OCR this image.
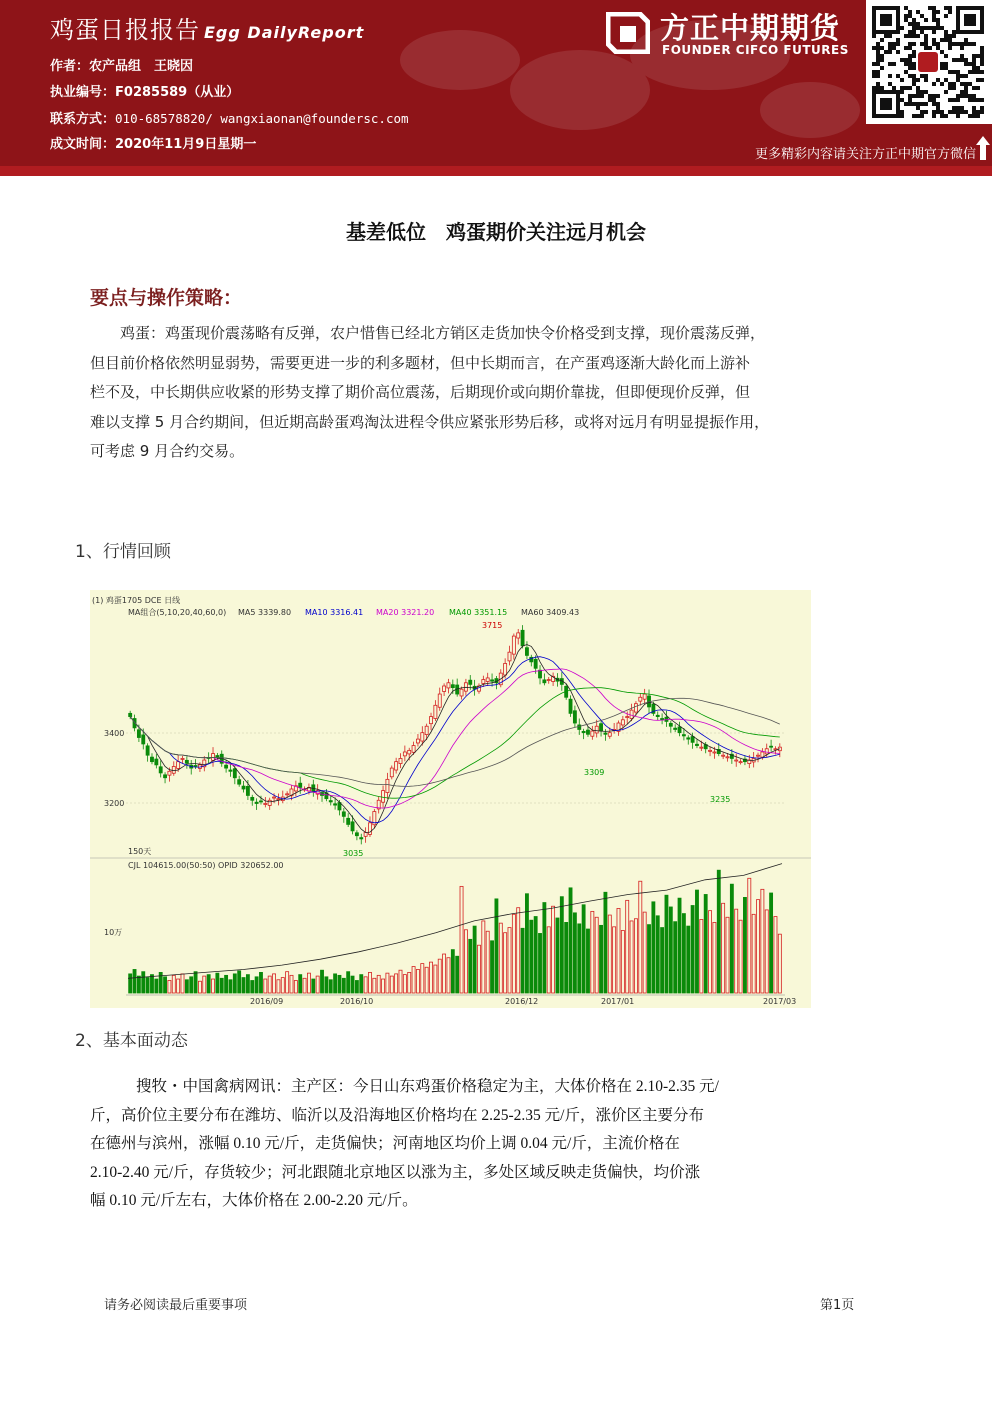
鸡蛋日报报告 Egg DailyReport
作者：农产品组　王晓因
执业编号：F0285589（从业）
联系方式：010-68578820/ wangxiaonan@foundersc.com
成文时间：2020年11月9日星期一
方正中期期货
FOUNDER CIFCO FUTURES
更多精彩内容请关注方正中期官方微信
基差低位　鸡蛋期价关注远月机会
要点与操作策略：
鸡蛋：鸡蛋现价震荡略有反弹，农户惜售已经北方销区走货加快令价格受到支撑，现价震荡反弹，
但目前价格依然明显弱势，需要更进一步的利多题材，但中长期而言，在产蛋鸡逐渐大龄化而上游补
栏不及，中长期供应收紧的形势支撑了期价高位震荡，后期现价或向期价靠拢，但即便现价反弹，但
难以支撑 5 月合约期间，但近期高龄蛋鸡淘汰进程令供应紧张形势后移，或将对远月有明显提振作用，
可考虑 9 月合约交易。
1、行情回顾
(1) 鸡蛋1705 DCE 日线
MA组合(5,10,20,40,60,0) MA5 3339.80 MA10 3316.41 MA20 3321.20 MA40 3351.15 MA60 3409.43
3400
3200
3715
3309
3035
3235
150天
CJL 104615.00(50:50) OPID 320652.00
10万
2016/09	2016/10	2016/12	2017/01	2017/03
2、基本面动态
搜牧・中国禽病网讯：主产区：今日山东鸡蛋价格稳定为主，大体价格在 2.10-2.35 元/
斤，高价位主要分布在潍坊、临沂以及沿海地区价格均在 2.25-2.35 元/斤，涨价区主要分布
在德州与滨州，涨幅 0.10 元/斤，走货偏快；河南地区均价上调 0.04 元/斤，主流价格在
2.10-2.40 元/斤，存货较少；河北跟随北京地区以涨为主，多处区域反映走货偏快，均价涨
幅 0.10 元/斤左右，大体价格在 2.00-2.20 元/斤。
请务必阅读最后重要事项	第1页
